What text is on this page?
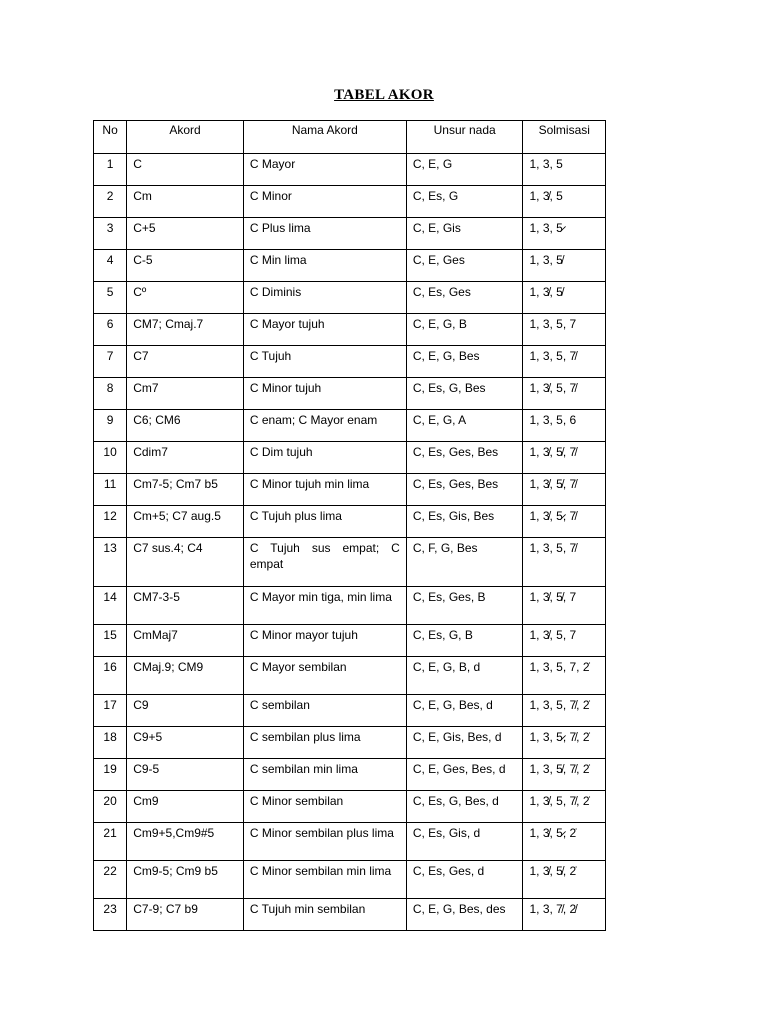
TABEL AKOR
No	Akord	Nama Akord	Unsur nada	Solmisasi
1	C	C Mayor	C, E, G	1, 3, 5
2	Cm	C Minor	C, Es, G	1, 3̸, 5
3	C+5	C Plus lima	C, E, Gis	1, 3, 5̷
4	C-5	C Min lima	C, E, Ges	1, 3, 5̸
5	Cº	C Diminis	C, Es, Ges	1, 3̸, 5̸
6	CM7; Cmaj.7	C Mayor tujuh	C, E, G, B	1, 3, 5, 7
7	C7	C Tujuh	C, E, G, Bes	1, 3, 5, 7̸
8	Cm7	C Minor tujuh	C, Es, G, Bes	1, 3̸, 5, 7̸
9	C6; CM6	C enam; C Mayor enam	C, E, G, A	1, 3, 5, 6
10	Cdim7	C Dim tujuh	C, Es, Ges, Bes	1, 3̸, 5̸, 7̸
11	Cm7-5; Cm7 b5	C Minor tujuh min lima	C, Es, Ges, Bes	1, 3̸, 5̸, 7̸
12	Cm+5; C7 aug.5	C Tujuh plus lima	C, Es, Gis, Bes	1, 3̸, 5̷, 7̸
13	C7 sus.4; C4	C Tujuh sus empat; C empat	C, F, G, Bes	1, 3, 5, 7̸
14	CM7-3-5	C Mayor min tiga, min lima	C, Es, Ges, B	1, 3̸, 5̸, 7
15	CmMaj7	C Minor mayor tujuh	C, Es, G, B	1, 3̸, 5, 7
16	CMaj.9; CM9	C Mayor sembilan	C, E, G, B, d	1, 3, 5, 7, 2̇
17	C9	C sembilan	C, E, G, Bes, d	1, 3, 5, 7̸, 2̇
18	C9+5	C sembilan plus lima	C, E, Gis, Bes, d	1, 3, 5̷, 7̸, 2̇
19	C9-5	C sembilan min lima	C, E, Ges, Bes, d	1, 3, 5̸, 7̸, 2̇
20	Cm9	C Minor sembilan	C, Es, G, Bes, d	1, 3̸, 5, 7̸, 2̇
21	Cm9+5,Cm9#5	C Minor sembilan plus lima	C, Es, Gis, d	1, 3̸, 5̷, 2̇
22	Cm9-5; Cm9 b5	C Minor sembilan min lima	C, Es, Ges, d	1, 3̸, 5̸, 2̇
23	C7-9; C7 b9	C Tujuh min sembilan	C, E, G, Bes, des	1, 3, 7̸, 2̸
